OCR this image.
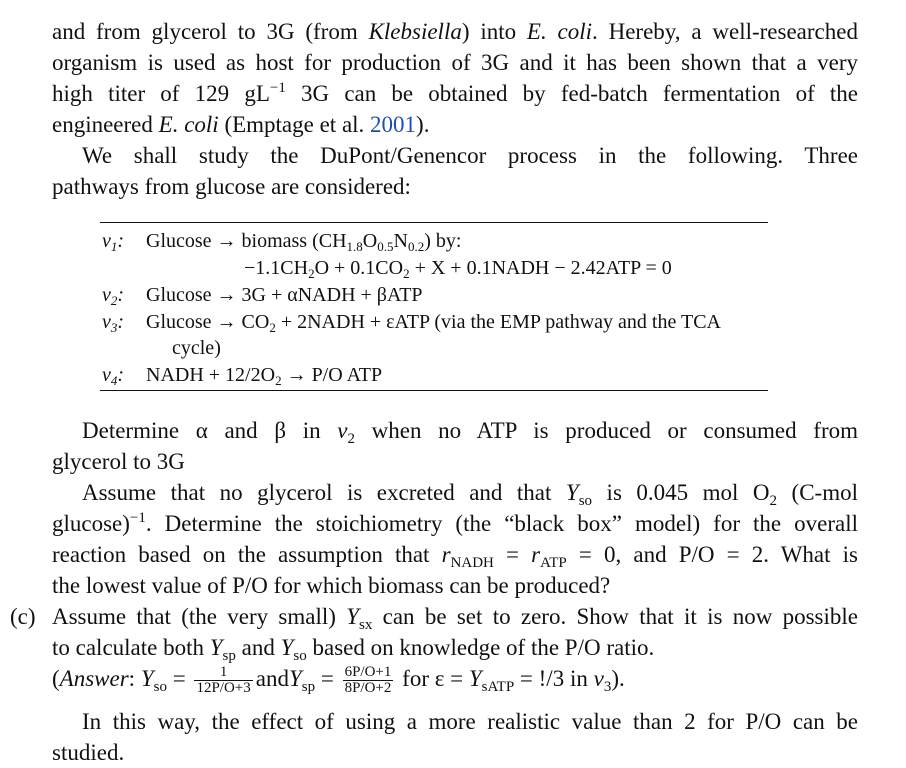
and from glycerol to 3G (from Klebsiella) into E. coli. Hereby, a well-researched
organism is used as host for production of 3G and it has been shown that a very
high titer of 129 $gL^{-1}$ 3G can be obtained by fed-batch fermentation of the
engineered E. coli (Emptage et al. 2001).
We shall study the DuPont/Genencor process in the following. Three
pathways from glucose are considered:
$v_1$: Glucose → biomass $(CH_{1.8}O_{0.5}N_{0.2})$ by:
$-1.1CH_2O + 0.1CO_2 + X$ + 0.1NADH − 2.42ATP = 0
$v_2$: Glucose → 3G + αNADH + βATP
$v_3$: $Glucose \to CO_2$ + 2NADH + εATP (via the EMP pathway and the TCA
cycle)
$v_4$: NADH + $12/2O_2 \to P/O$ ATP
Determine α and β in $v_2$ when no ATP is produced or consumed from
glycerol to 3G
Assume that no glycerol is excreted and that $Y_{so}$ is 0.045 mol $O_2$ (C-mol
glucose)$^{-1}$. Determine the stoichiometry (the “black box” model) for the overall
reaction based on the assumption that $r_{NADH} = r_{ATP} = 0$, and P/O = 2. What is
the lowest value of P/O for which biomass can be produced?
(c) Assume that (the very small) $Y_{sx}$ can be set to zero. Show that it is now possible
to calculate both $Y_{sp}$ and $Y_{so}$ based on knowledge of the P/O ratio.
(Answer: $Y_{so} = \frac{1}{12P/O+3}$ andY$_{sp}$ = $\frac{6P/O+1}{8P/O+2}$ for $\varepsilon = Y_{sATP} = !/3$ in $v_3$).
In this way, the effect of using a more realistic value than 2 for P/O can be
studied.
